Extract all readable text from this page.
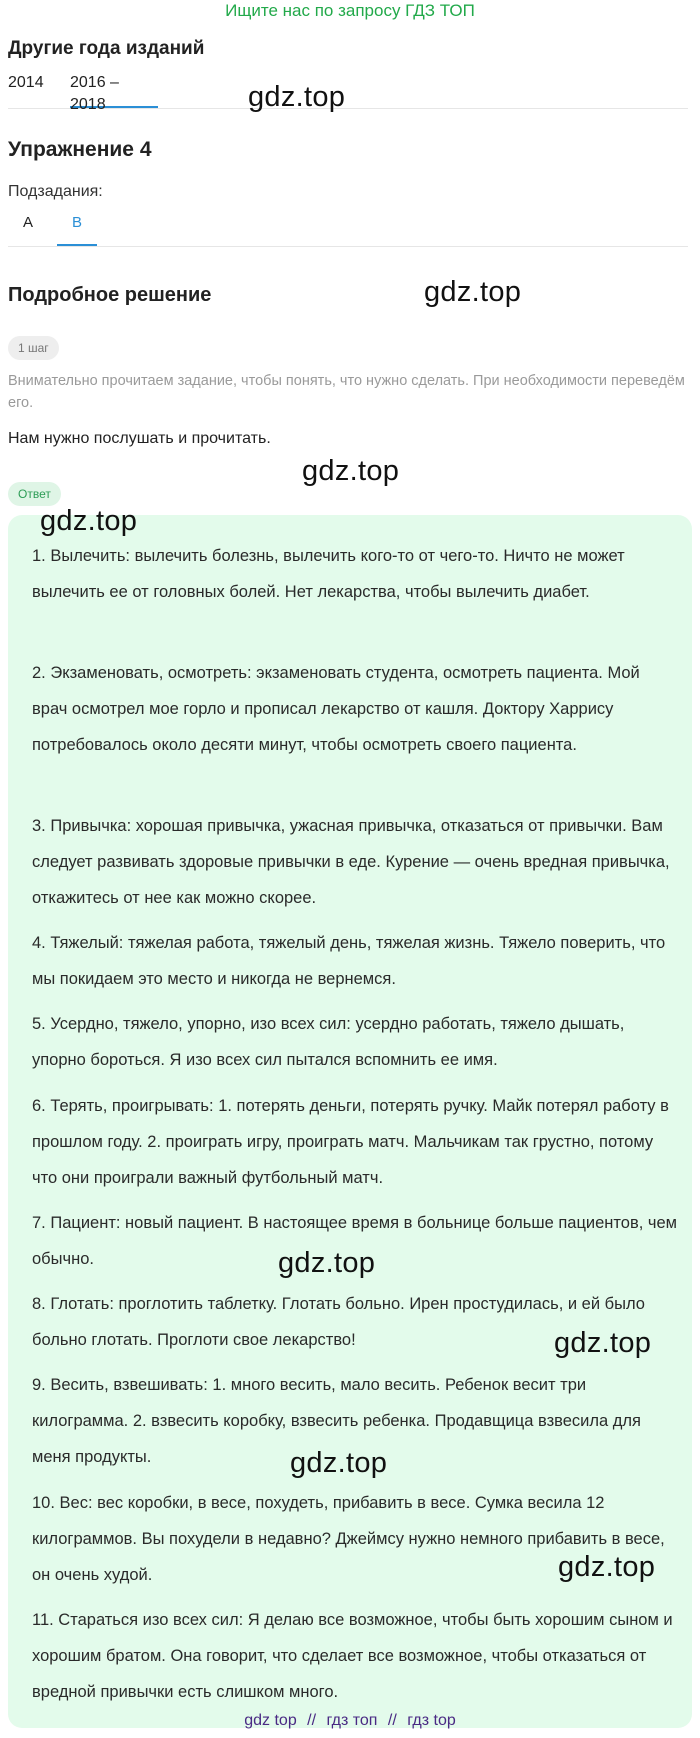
Ищите нас по запросу ГДЗ ТОП
Другие года изданий
2014 2016 – 2018	gdz.top
Упражнение 4
Подзадания:
A	B
Подробное решение	gdz.top
1 шаг
Внимательно прочитаем задание, чтобы понять, что нужно сделать. При необходимости переведём его.
Нам нужно послушать и прочитать.
gdz.top
Ответ
gdz.top
1. Вылечить: вылечить болезнь, вылечить кого-то от чего-то. Ничто не может вылечить ее от головных болей. Нет лекарства, чтобы вылечить диабет.
2. Экзаменовать, осмотреть: экзаменовать студента, осмотреть пациента. Мой врач осмотрел мое горло и прописал лекарство от кашля. Доктору Харрису потребовалось около десяти минут, чтобы осмотреть своего пациента.
3. Привычка: хорошая привычка, ужасная привычка, отказаться от привычки. Вам следует развивать здоровые привычки в еде. Курение — очень вредная привычка, откажитесь от нее как можно скорее.
4. Тяжелый: тяжелая работа, тяжелый день, тяжелая жизнь. Тяжело поверить, что мы покидаем это место и никогда не вернемся.
5. Усердно, тяжело, упорно, изо всех сил: усердно работать, тяжело дышать, упорно бороться. Я изо всех сил пытался вспомнить ее имя.
6. Терять, проигрывать: 1. потерять деньги, потерять ручку. Майк потерял работу в прошлом году. 2. проиграть игру, проиграть матч. Мальчикам так грустно, потому что они проиграли важный футбольный матч.
7. Пациент: новый пациент. В настоящее время в больнице больше пациентов, чем обычно.
8. Глотать: проглотить таблетку. Глотать больно. Ирен простудилась, и ей было больно глотать. Проглоти свое лекарство!
9. Весить, взвешивать: 1. много весить, мало весить. Ребенок весит три килограмма. 2. взвесить коробку, взвесить ребенка. Продавщица взвесила для меня продукты.
10. Вес: вес коробки, в весе, похудеть, прибавить в весе. Сумка весила 12 килограммов. Вы похудели в недавно? Джеймсу нужно немного прибавить в весе, он очень худой.
11. Стараться изо всех сил: Я делаю все возможное, чтобы быть хорошим сыном и хорошим братом. Она говорит, что сделает все возможное, чтобы отказаться от вредной привычки есть слишком много.
gdz.top
gdz.top
gdz.top
gdz.top
gdz top // гдз топ // гдз top
